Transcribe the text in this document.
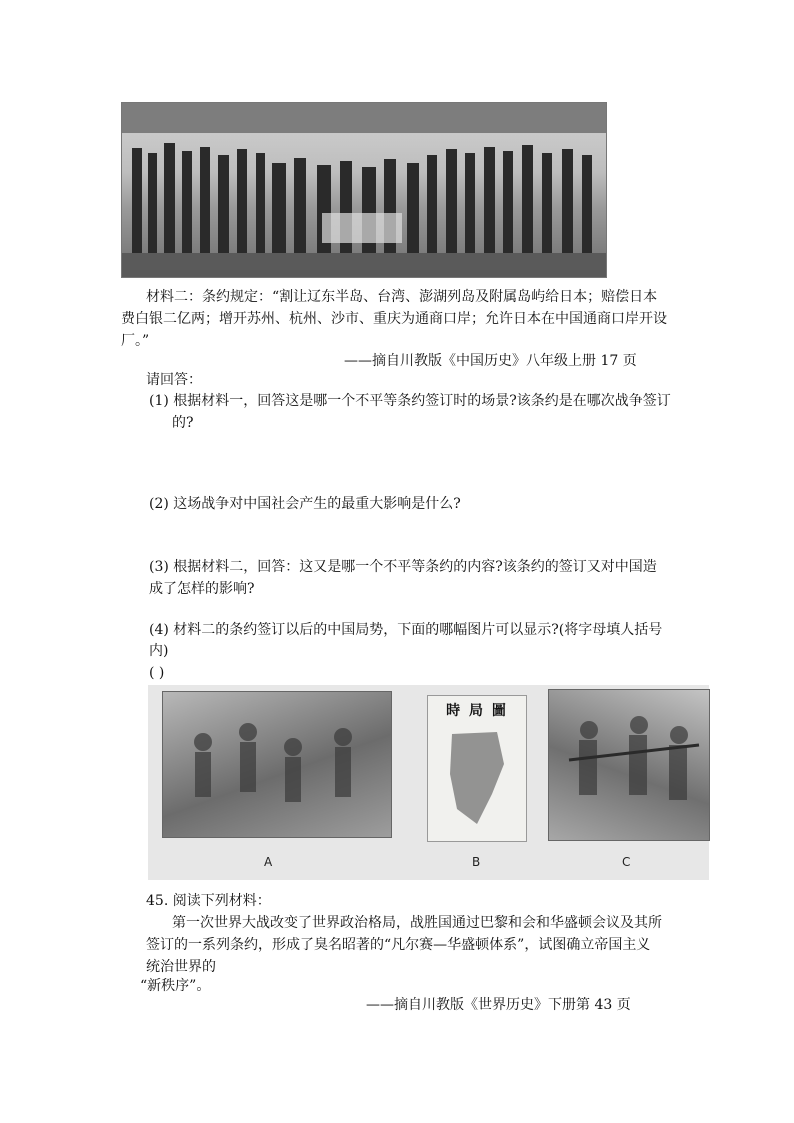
材料二：条约规定：“割让辽东半岛、台湾、澎湖列岛及附属岛屿给日本；赔偿日本
费白银二亿两；增开苏州、杭州、沙市、重庆为通商口岸；允许日本在中国通商口岸开设
厂。”
——摘自川教版《中国历史》八年级上册 17 页
请回答：
(1) 根据材料一，回答这是哪一个不平等条约签订时的场景?该条约是在哪次战争签订
的?
(2) 这场战争对中国社会产生的最重大影响是什么?
(3) 根据材料二，回答：这又是哪一个不平等条约的内容?该条约的签订又对中国造
成了怎样的影响?
(4) 材料二的条约签订以后的中国局势，下面的哪幅图片可以显示?(将字母填人括号
内)
( )
時 局 圖
A	B	C
45. 阅读下列材料：
第一次世界大战改变了世界政治格局，战胜国通过巴黎和会和华盛顿会议及其所
签订的一系列条约，形成了臭名昭著的“凡尔赛—华盛顿体系”，试图确立帝国主义
统治世界的
“新秩序”。
——摘自川教版《世界历史》下册第 43 页
